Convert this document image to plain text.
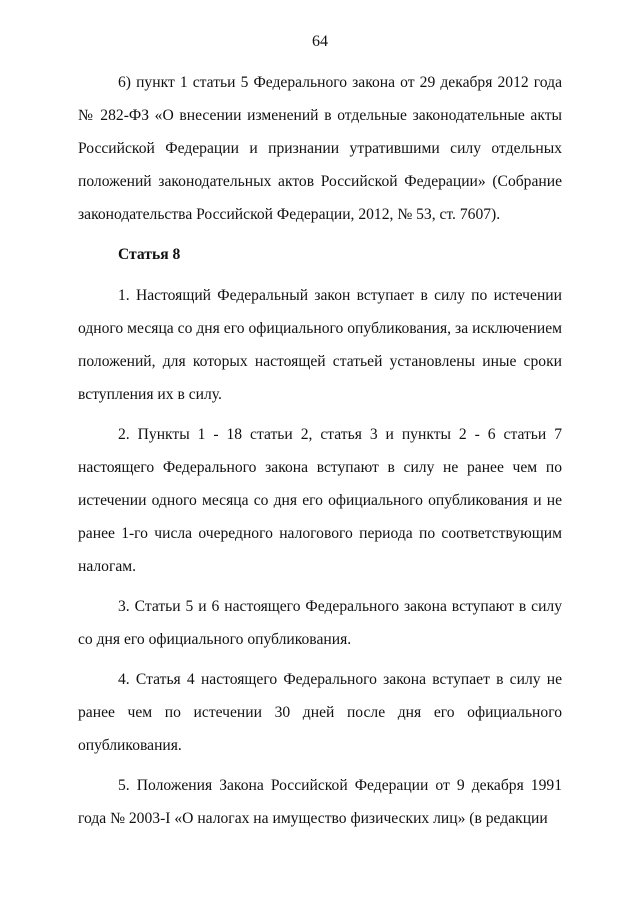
64

6) пункт 1 статьи 5 Федерального закона от 29 декабря 2012 года № 282-ФЗ «О внесении изменений в отдельные законодательные акты Российской Федерации и признании утратившими силу отдельных положений законодательных актов Российской Федерации» (Собрание законодательства Российской Федерации, 2012, № 53, ст. 7607).

Статья 8

1. Настоящий Федеральный закон вступает в силу по истечении одного месяца со дня его официального опубликования, за исключением положений, для которых настоящей статьей установлены иные сроки вступления их в силу.

2. Пункты 1 - 18 статьи 2, статья 3 и пункты 2 - 6 статьи 7 настоящего Федерального закона вступают в силу не ранее чем по истечении одного месяца со дня его официального опубликования и не ранее 1-го числа очередного налогового периода по соответствующим налогам.

3. Статьи 5 и 6 настоящего Федерального закона вступают в силу со дня его официального опубликования.

4. Статья 4 настоящего Федерального закона вступает в силу не ранее чем по истечении 30 дней после дня его официального опубликования.

5. Положения Закона Российской Федерации от 9 декабря 1991 года № 2003-I «О налогах на имущество физических лиц» (в редакции
